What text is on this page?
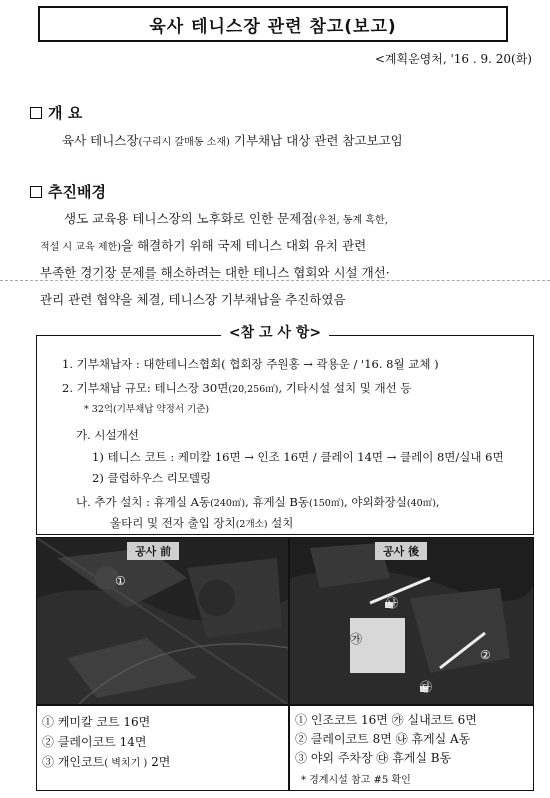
육사 테니스장 관련 참고(보고)
<계획운영처, '16 . 9. 20(화)
개 요
육사 테니스장(구리시 갈매동 소재) 기부채납 대상 관련 참고보고임
추진배경
생도 교육용 테니스장의 노후화로 인한 문제점(우천, 동계 혹한,
적설 시 교육 제한)을 해결하기 위해 국제 테니스 대회 유치 관련
부족한 경기장 문제를 해소하려는 대한 테니스 협회와 시설 개선·
관리 관련 협약을 체결, 테니스장 기부채납을 추진하였음
<참 고 사 항>
1. 기부채납자 : 대한테니스협회( 협회장 주원홍 → 곽용운 / '16. 8월 교체 )
2. 기부채납 규모: 테니스장 30면(20,256㎡), 기타시설 설치 및 개선 등
* 32억(기부채납 약정서 기준)
가. 시설개선
1) 테니스 코트 : 케미칼 16면 → 인조 16면 / 클레이 14면 → 클레이 8면/실내 6면
2) 클럽하우스 리모델링
나. 추가 설치 : 휴게실 A동(240㎡), 휴게실 B동(150㎡), 야외화장실(40㎡),
울타리 및 전자 출입 장치(2개소) 설치
공사 前
①
공사 後
㉮
㉯
㉰
②
① 케미칼 코트 16면
② 클레이코트 14면
③ 개인코트( 벽치기 ) 2면
① 인조코트 16면 ㉮ 실내코트 6면
② 클레이코트 8면 ㉯ 휴게실 A동
③ 야외 주차장 ㉰ 휴게실 B동
* 경계시설 참고 #5 확인
